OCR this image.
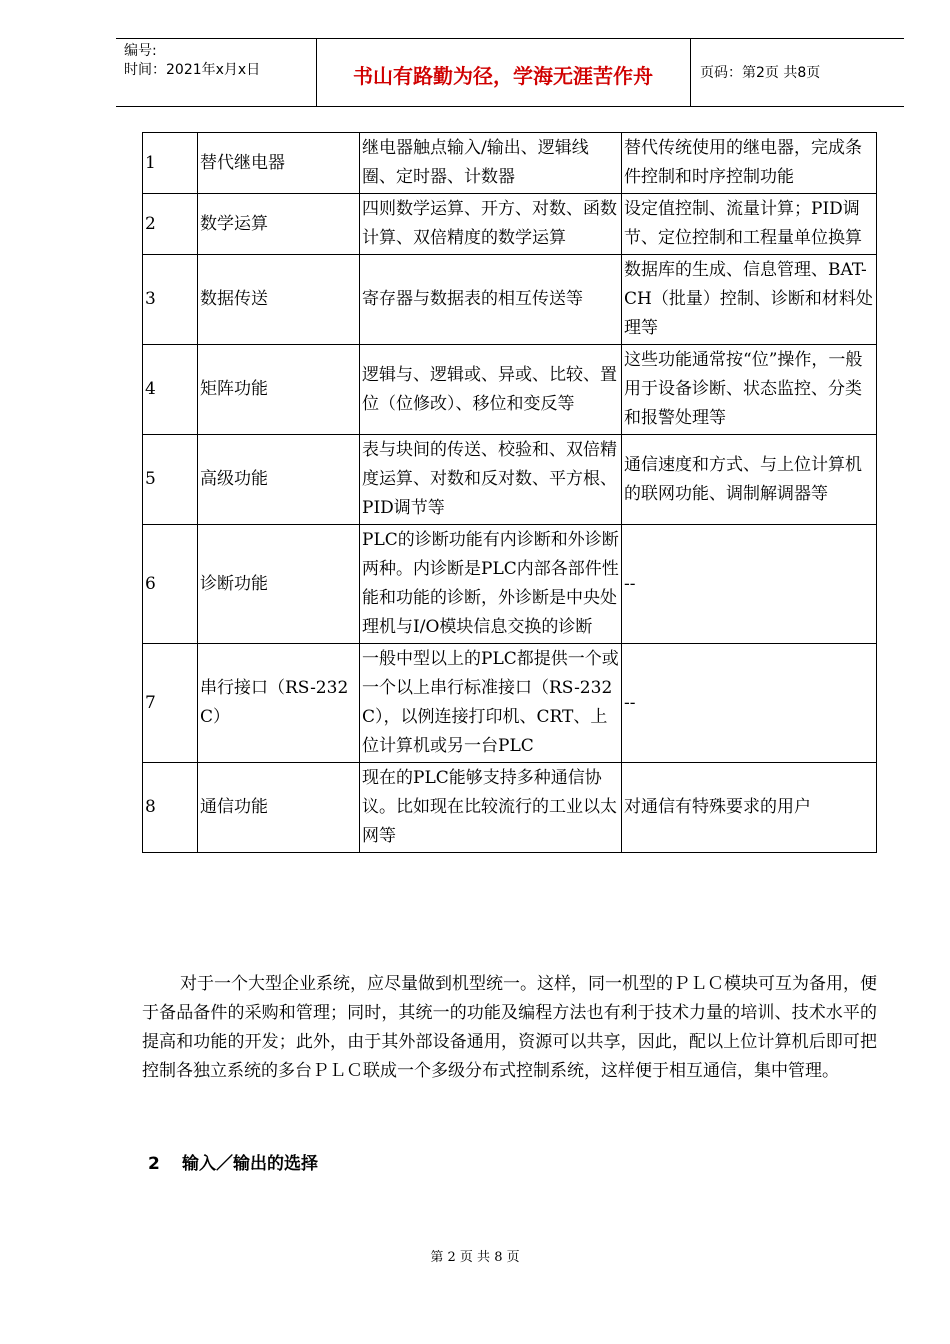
编号:
时间：2021年x月x日	书山有路勤为径，学海无涯苦作舟	页码：第2页 共8页
1	替代继电器	继电器触点输入/输出、逻辑线圈、定时器、计数器	替代传统使用的继电器，完成条件控制和时序控制功能
2	数学运算	四则数学运算、开方、对数、函数计算、双倍精度的数学运算	设定值控制、流量计算；PID调节、定位控制和工程量单位换算
3	数据传送	寄存器与数据表的相互传送等	数据库的生成、信息管理、BAT-CH（批量）控制、诊断和材料处理等
4	矩阵功能	逻辑与、逻辑或、异或、比较、置位（位修改）、移位和变反等	这些功能通常按“位”操作，一般用于设备诊断、状态监控、分类和报警处理等
5	高级功能	表与块间的传送、校验和、双倍精度运算、对数和反对数、平方根、PID调节等	通信速度和方式、与上位计算机的联网功能、调制解调器等
6	诊断功能	PLC的诊断功能有内诊断和外诊断两种。内诊断是PLC内部各部件性能和功能的诊断，外诊断是中央处理机与I/O模块信息交换的诊断	--
7	串行接口（RS-232C）	一般中型以上的PLC都提供一个或一个以上串行标准接口（RS-232C），以例连接打印机、CRT、上位计算机或另一台PLC	--
8	通信功能	现在的PLC能够支持多种通信协议。比如现在比较流行的工业以太网等	对通信有特殊要求的用户
对于一个大型企业系统，应尽量做到机型统一。这样，同一机型的ＰＬＣ模块可互为备用，便于备品备件的采购和管理；同时，其统一的功能及编程方法也有利于技术力量的培训、技术水平的提高和功能的开发；此外，由于其外部设备通用，资源可以共享，因此，配以上位计算机后即可把控制各独立系统的多台ＰＬＣ联成一个多级分布式控制系统，这样便于相互通信，集中管理。
2 输入／输出的选择
第 2 页 共 8 页
